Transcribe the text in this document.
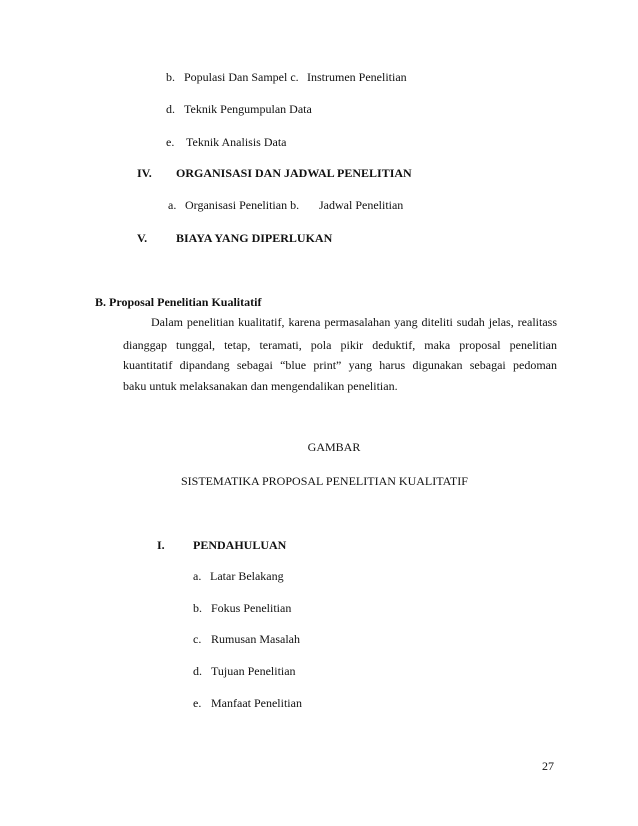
b. Populasi Dan Sampel c. Instrumen Penelitian
d. Teknik Pengumpulan Data
e. Teknik Analisis Data
IV. ORGANISASI DAN JADWAL PENELITIAN
a. Organisasi Penelitian b. Jadwal Penelitian
V. BIAYA YANG DIPERLUKAN
B. Proposal Penelitian Kualitatif
Dalam penelitian kualitatif, karena permasalahan yang diteliti sudah jelas, realitass
dianggap tunggal, tetap, teramati, pola pikir deduktif, maka proposal penelitian
kuantitatif dipandang sebagai “blue print” yang harus digunakan sebagai pedoman
baku untuk melaksanakan dan mengendalikan penelitian.
GAMBAR
SISTEMATIKA PROPOSAL PENELITIAN KUALITATIF
I. PENDAHULUAN
a. Latar Belakang
b. Fokus Penelitian
c. Rumusan Masalah
d. Tujuan Penelitian
e. Manfaat Penelitian
27
